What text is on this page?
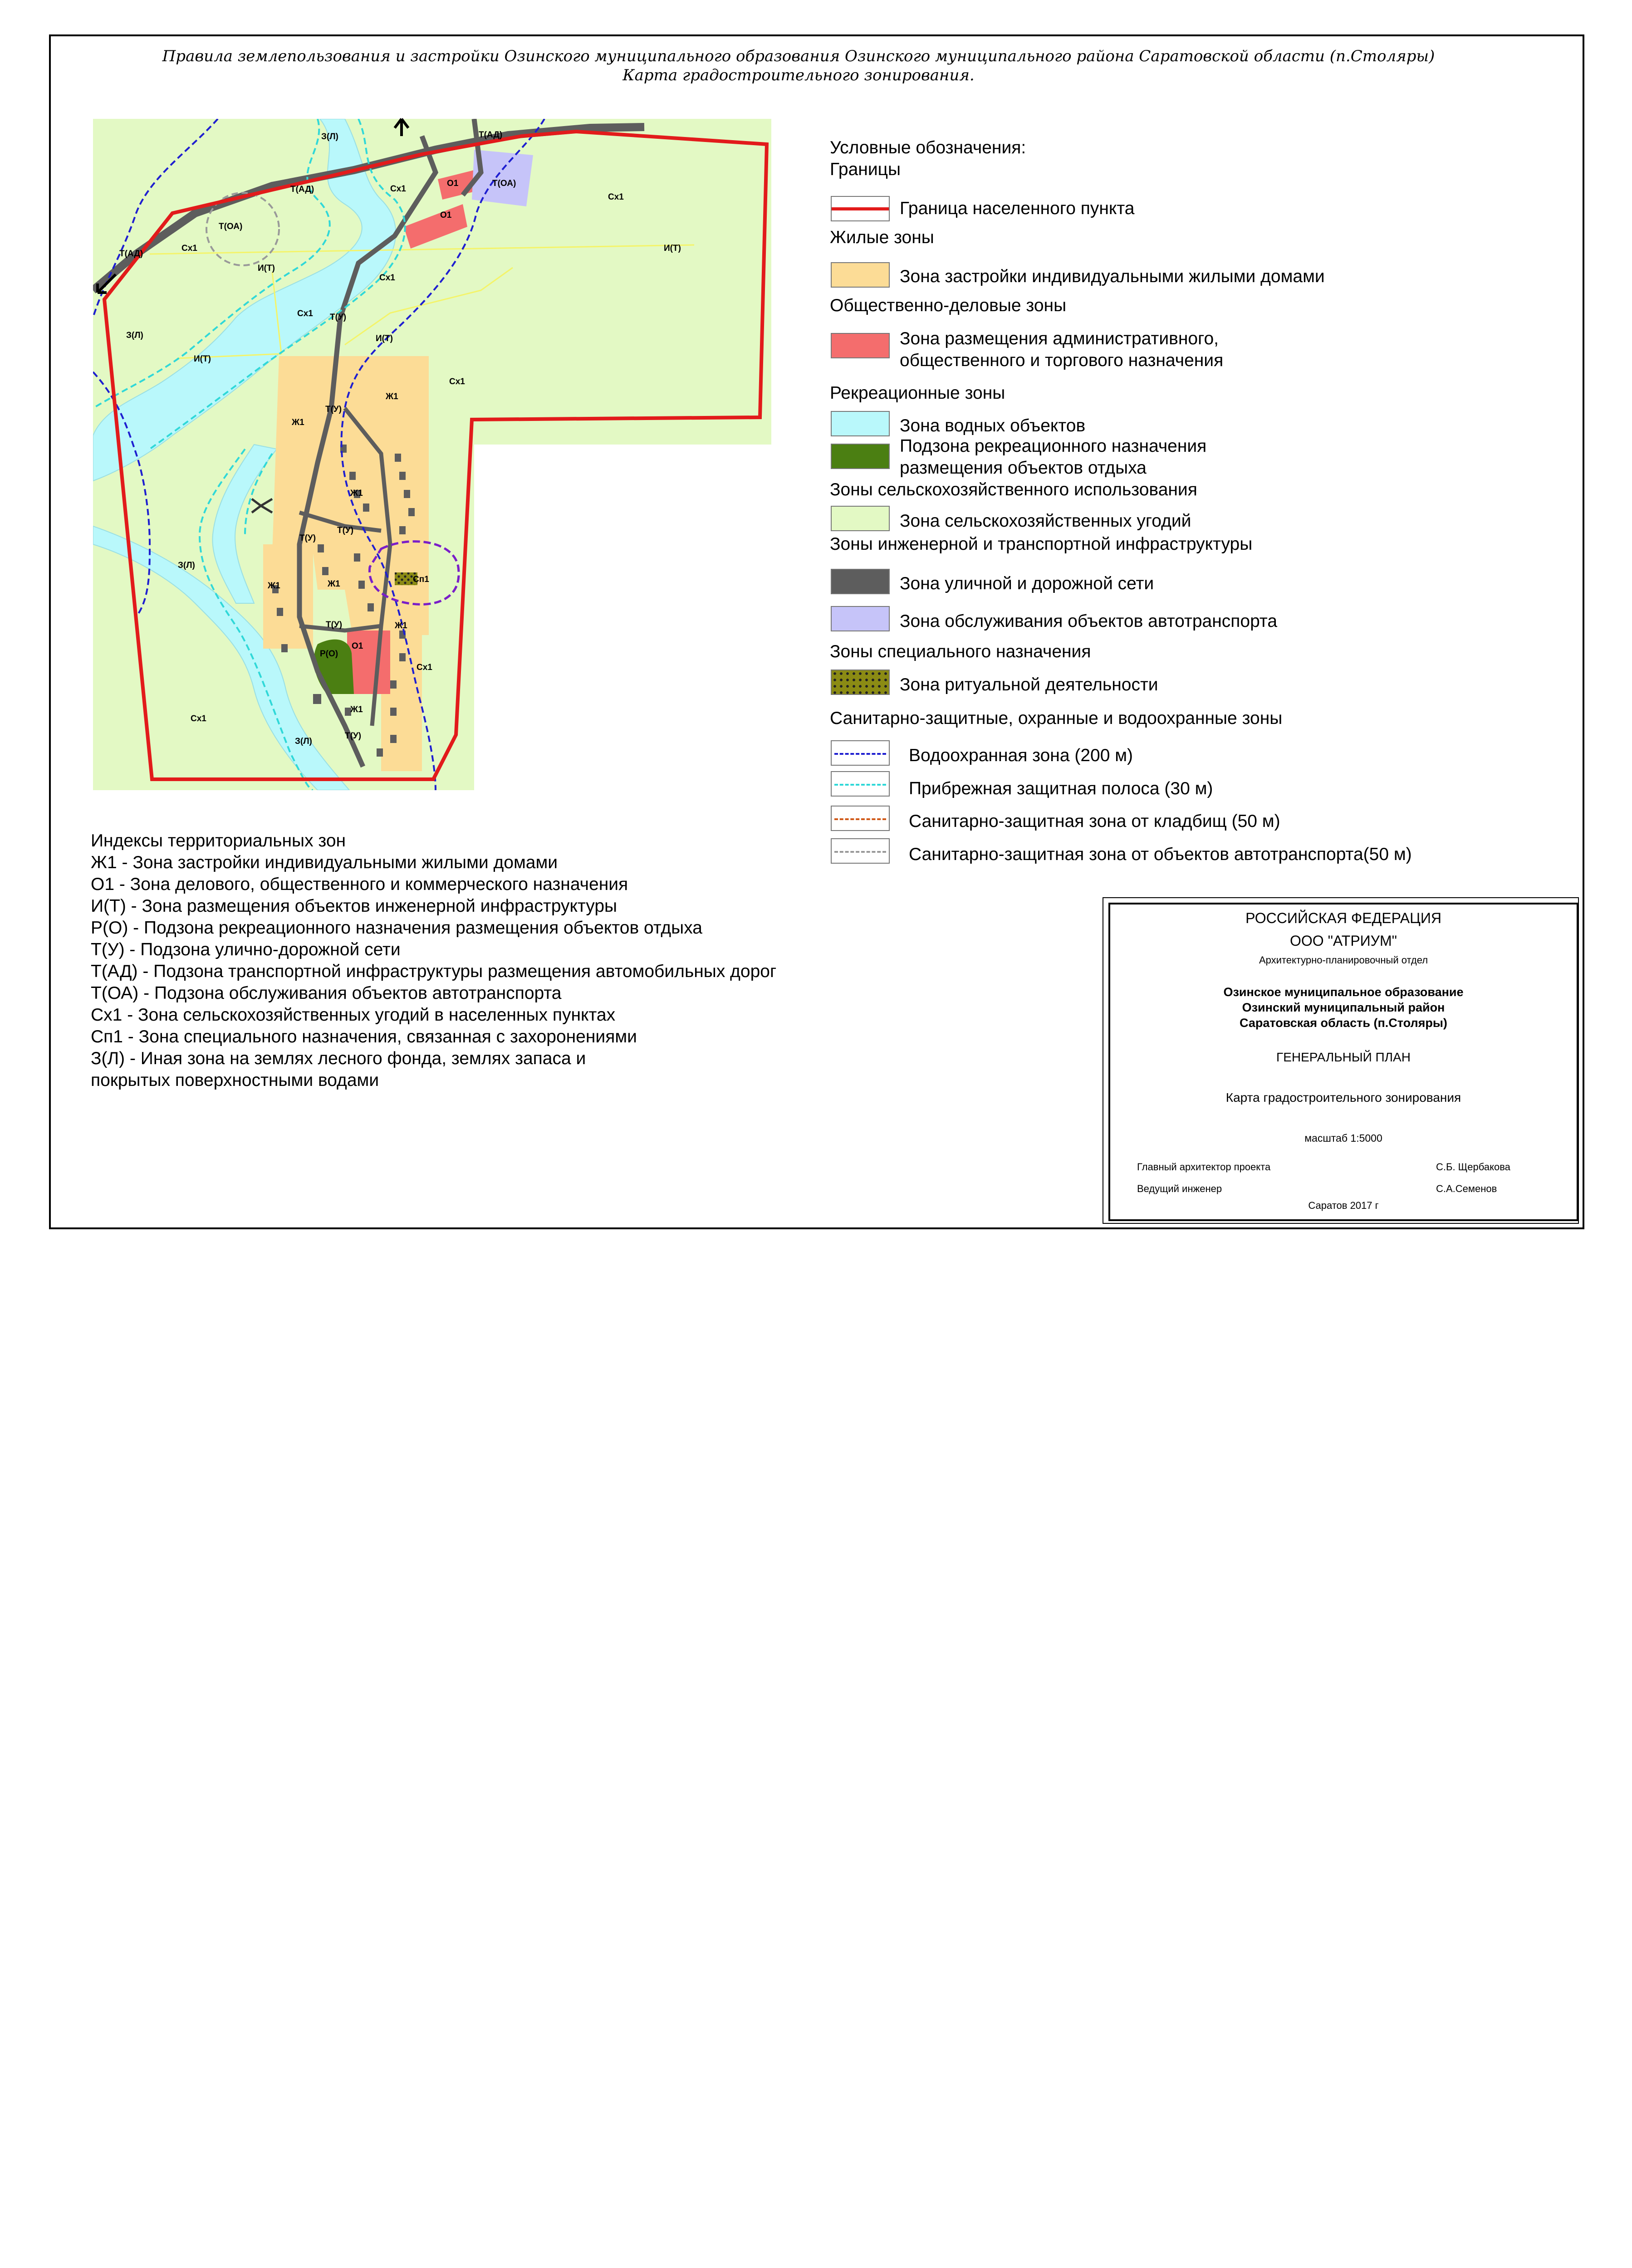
Правила землепользования и застройки Озинского муниципального образования Озинского муниципального района Саратовской области (п.Столяры)
Карта градостроительного зонирования.
З(Л)
З(Л)
З(Л)
З(Л)
Т(АД)
Т(АД)
Т(АД)
Т(ОА)
Т(ОА)
Сх1
Сх1
Сх1
Сх1
Сх1
Сх1
Сх1
Сх1
О1
О1
О1
И(Т)
И(Т)
И(Т)
И(Т)
Т(У)
Т(У)
Т(У)
Т(У)
Т(У)
Т(У)
Ж1
Ж1
Ж1
Ж1	Ж1
Ж1
Ж1
Р(О)
Сп1
Условные обозначения:
Границы
Граница населенного пункта
Жилые зоны
Зона застройки индивидуальными жилыми домами
Общественно-деловые зоны
Зона размещения административного,
общественного и торгового назначения
Рекреационные зоны
Зона водных объектов
Подзона рекреационного назначения
размещения объектов отдыха
Зоны сельскохозяйственного использования
Зона сельскохозяйственных угодий
Зоны инженерной и транспортной инфраструктуры
Зона уличной и дорожной сети
Зона обслуживания объектов автотранспорта
Зоны специального назначения
Зона ритуальной деятельности
Санитарно-защитные, охранные и водоохранные зоны
Водоохранная зона (200 м)
Прибрежная защитная полоса (30 м)
Санитарно-защитная зона от кладбищ (50 м)
Санитарно-защитная зона от объектов автотранспорта(50 м)
Индексы территориальных зон
Ж1 - Зона застройки индивидуальными жилыми домами
О1 - Зона делового, общественного и коммерческого назначения
И(Т) - Зона размещения объектов инженерной инфраструктуры
Р(О) - Подзона рекреационного назначения размещения объектов отдыха
Т(У) - Подзона улично-дорожной сети
Т(АД) - Подзона транспортной инфраструктуры размещения автомобильных дорог
Т(ОА) - Подзона обслуживания объектов автотранспорта
Сх1 - Зона сельскохозяйственных угодий в населенных пунктах
Сп1 - Зона специального назначения, связанная с захоронениями
З(Л) - Иная зона на землях лесного фонда, землях запаса и
покрытых поверхностными водами
РОССИЙСКАЯ ФЕДЕРАЦИЯ
ООО "АТРИУМ"
Архитектурно-планировочный отдел
Озинское муниципальное образование
Озинский муниципальный район
Саратовская область (п.Столяры)
ГЕНЕРАЛЬНЫЙ ПЛАН
Карта градостроительного зонирования
масштаб 1:5000
Главный архитектор проекта	С.Б. Щербакова
Ведущий инженер	С.А.Семенов
Саратов 2017 г
